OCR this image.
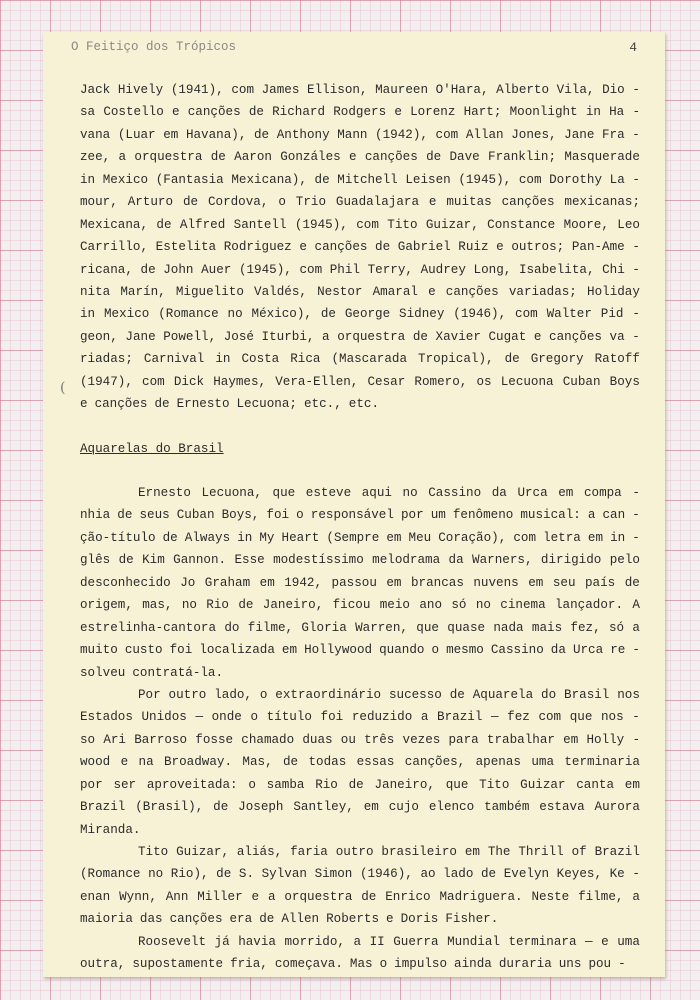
O Feitiço dos Trópicos	4
(
Jack Hively (1941), com James Ellison, Maureen O'Hara, Alberto Vila, Dio -
sa Costello e canções de Richard Rodgers e Lorenz Hart; Moonlight in Ha -
vana (Luar em Havana), de Anthony Mann (1942), com Allan Jones, Jane Fra -
zee, a orquestra de Aaron Gonzáles e canções de Dave Franklin; Masquerade
in Mexico (Fantasia Mexicana), de Mitchell Leisen (1945), com Dorothy La -
mour, Arturo de Cordova, o Trio Guadalajara e muitas canções mexicanas;
Mexicana, de Alfred Santell (1945), com Tito Guizar, Constance Moore, Leo
Carrillo, Estelita Rodriguez e canções de Gabriel Ruiz e outros; Pan-Ame -
ricana, de John Auer (1945), com Phil Terry, Audrey Long, Isabelita, Chi -
nita Marín, Miguelito Valdés, Nestor Amaral e canções variadas; Holiday
in Mexico (Romance no México), de George Sidney (1946), com Walter Pid -
geon, Jane Powell, José Iturbi, a orquestra de Xavier Cugat e canções va -
riadas; Carnival in Costa Rica (Mascarada Tropical), de Gregory Ratoff
(1947), com Dick Haymes, Vera-Ellen, Cesar Romero, os Lecuona Cuban Boys
e canções de Ernesto Lecuona; etc., etc.
Aquarelas do Brasil
Ernesto Lecuona, que esteve aqui no Cassino da Urca em compa -
nhia de seus Cuban Boys, foi o responsável por um fenômeno musical: a can -
ção-título de Always in My Heart (Sempre em Meu Coração), com letra em in -
glês de Kim Gannon. Esse modestíssimo melodrama da Warners, dirigido pelo
desconhecido Jo Graham em 1942, passou em brancas nuvens em seu país de
origem, mas, no Rio de Janeiro, ficou meio ano só no cinema lançador. A
estrelinha-cantora do filme, Gloria Warren, que quase nada mais fez, só a
muito custo foi localizada em Hollywood quando o mesmo Cassino da Urca re -
solveu contratá-la.
Por outro lado, o extraordinário sucesso de Aquarela do Brasil nos
Estados Unidos — onde o título foi reduzido a Brazil — fez com que nos -
so Ari Barroso fosse chamado duas ou três vezes para trabalhar em Holly -
wood e na Broadway. Mas, de todas essas canções, apenas uma terminaria
por ser aproveitada: o samba Rio de Janeiro, que Tito Guizar canta em
Brazil (Brasil), de Joseph Santley, em cujo elenco também estava Aurora
Miranda.
Tito Guizar, aliás, faria outro brasileiro em The Thrill of Brazil
(Romance no Rio), de S. Sylvan Simon (1946), ao lado de Evelyn Keyes, Ke -
enan Wynn, Ann Miller e a orquestra de Enrico Madriguera. Neste filme, a
maioria das canções era de Allen Roberts e Doris Fisher.
Roosevelt já havia morrido, a II Guerra Mundial terminara — e uma
outra, supostamente fria, começava. Mas o impulso ainda duraria uns pou -
